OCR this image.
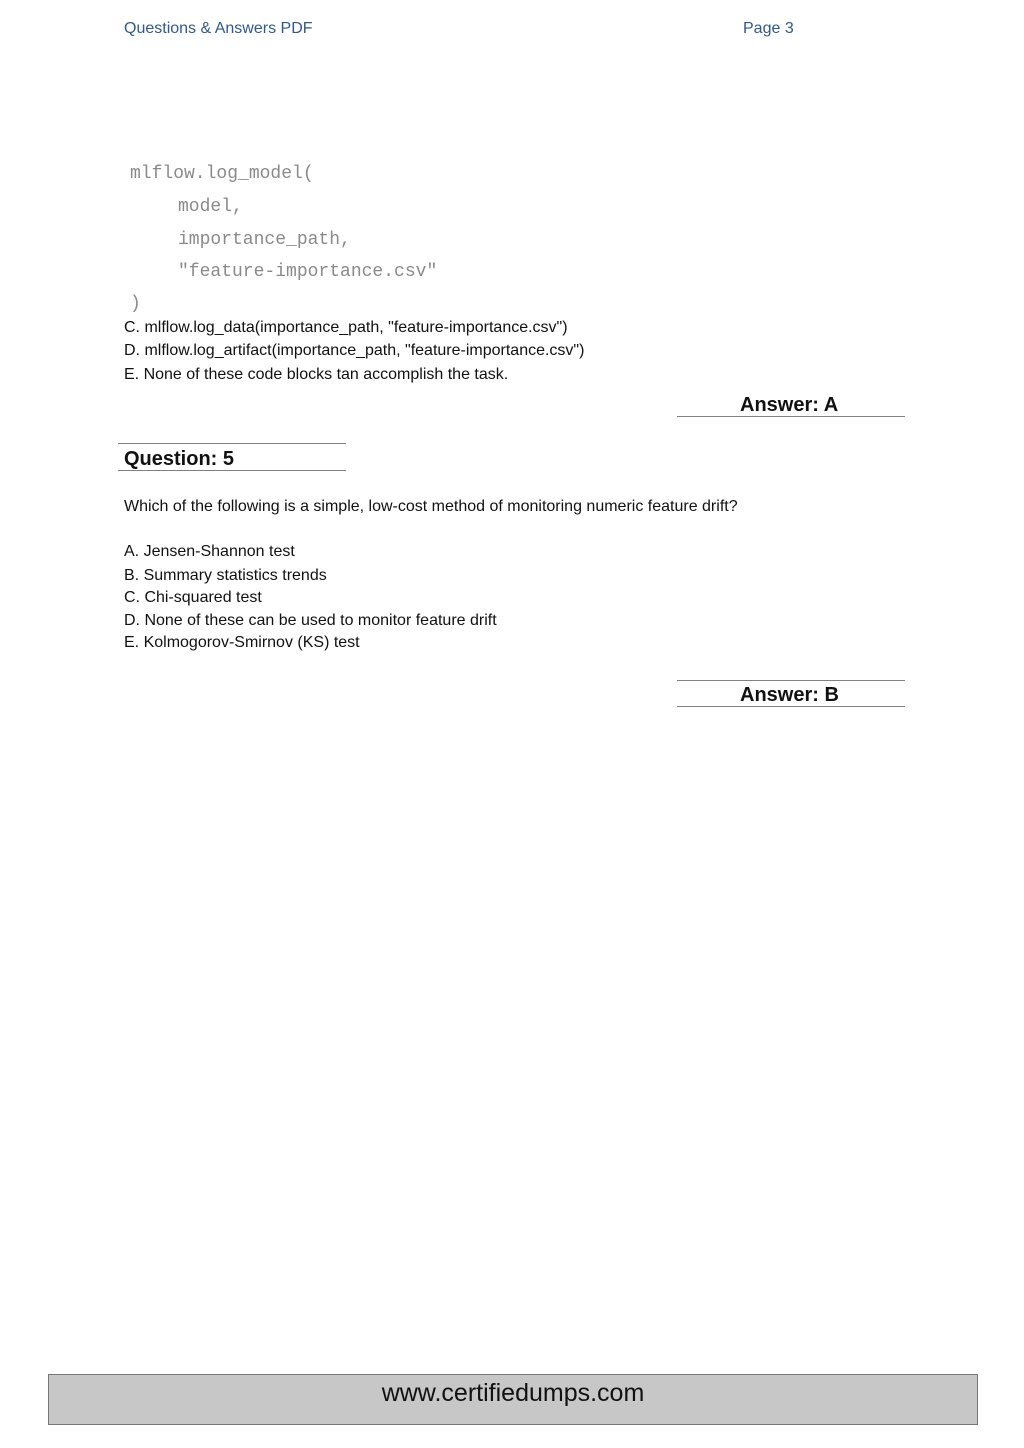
Questions & Answers PDF	Page 3
mlflow.log_model(
model,
importance_path,
"feature-importance.csv"
)
C. mlflow.log_data(importance_path, "feature-importance.csv")
D. mlflow.log_artifact(importance_path, "feature-importance.csv")
E. None of these code blocks tan accomplish the task.
Answer: A
Question: 5
Which of the following is a simple, low-cost method of monitoring numeric feature drift?
A. Jensen-Shannon test
B. Summary statistics trends
C. Chi-squared test
D. None of these can be used to monitor feature drift
E. Kolmogorov-Smirnov (KS) test
Answer: B
www.certifiedumps.com
